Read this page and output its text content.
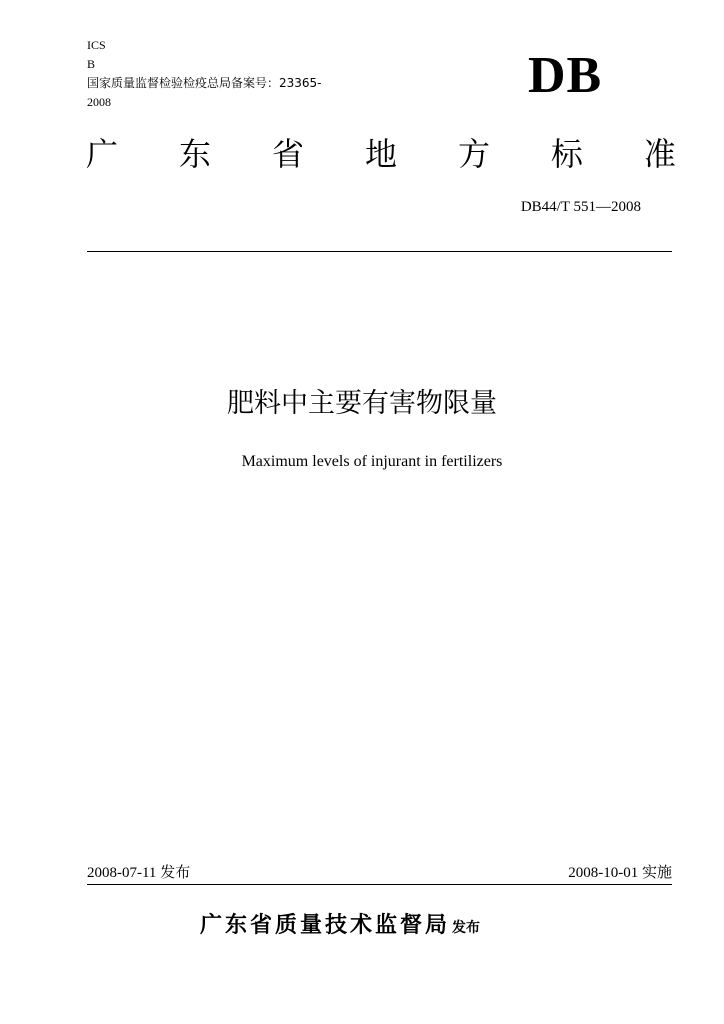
ICS
B
国家质量监督检验检疫总局备案号：23365-
2008	DB
广 东 省 地 方 标 准
DB44/T 551—2008
肥料中主要有害物限量
Maximum levels of injurant in fertilizers
2008-07-11 发布	2008-10-01 实施
广东省质量技术监督局 发布
